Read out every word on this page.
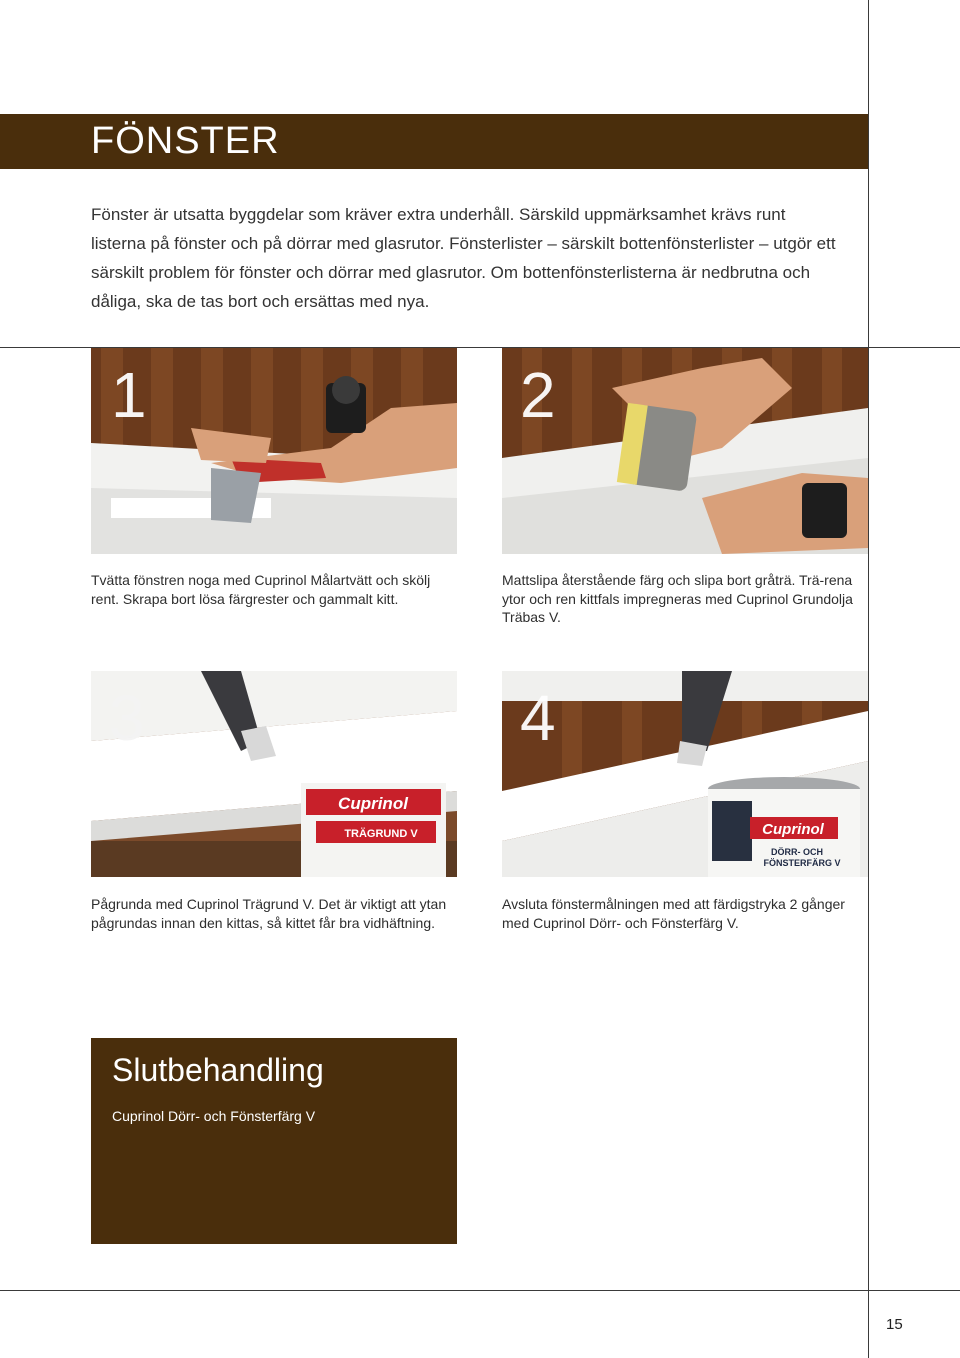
FÖNSTER
Fönster är utsatta byggdelar som kräver extra underhåll. Särskild uppmärksamhet krävs runt listerna på fönster och på dörrar med glasrutor. Fönsterlister – särskilt bottenfönsterlister – utgör ett särskilt problem för fönster och dörrar med glasrutor. Om bottenfönsterlisterna är nedbrutna och dåliga, ska de tas bort och ersättas med nya.
1	2
Tvätta fönstren noga med Cuprinol Målartvätt och skölj rent. Skrapa bort lösa färgrester och gammalt kitt.
Mattslipa återstående färg och slipa bort gråträ. Trä-rena ytor och ren kittfals impregneras med Cuprinol Grundolja Träbas V.
Cuprinol
TRÄGRUND V
3
Cuprinol
DÖRR- OCH
FÖNSTERFÄRG V
4
Pågrunda med Cuprinol Trägrund V. Det är viktigt att ytan pågrundas innan den kittas, så kittet får bra vidhäftning.
Avsluta fönstermålningen med att färdigstryka 2 gånger med Cuprinol Dörr- och Fönsterfärg V.
Slutbehandling
Cuprinol Dörr- och Fönsterfärg V
15
